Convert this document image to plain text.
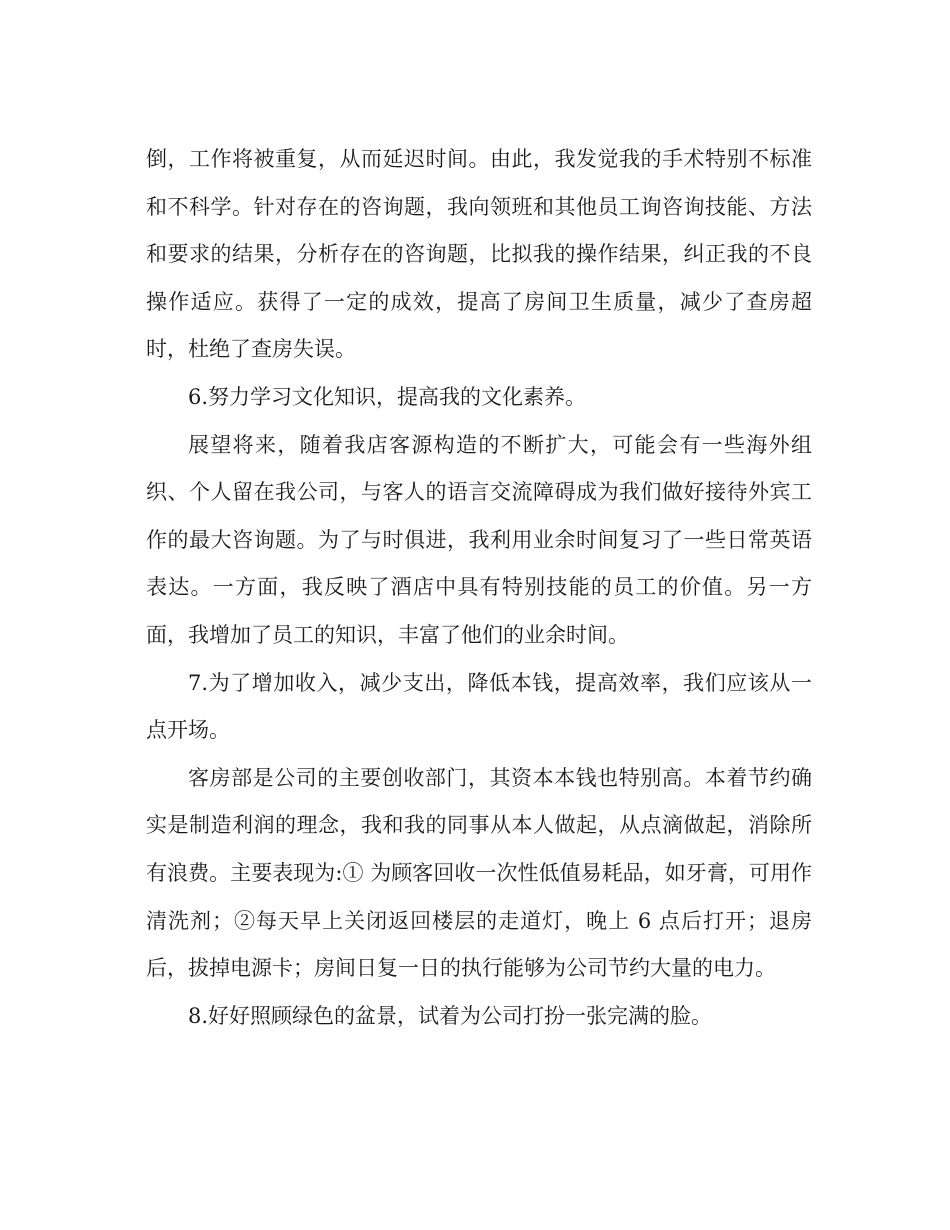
倒，工作将被重复，从而延迟时间。由此，我发觉我的手术特别不标准和不科学。针对存在的咨询题，我向领班和其他员工询咨询技能、方法和要求的结果，分析存在的咨询题，比拟我的操作结果，纠正我的不良操作适应。获得了一定的成效，提高了房间卫生质量，减少了查房超时，杜绝了查房失误。

6.努力学习文化知识，提高我的文化素养。

展望将来，随着我店客源构造的不断扩大，可能会有一些海外组织、个人留在我公司，与客人的语言交流障碍成为我们做好接待外宾工作的最大咨询题。为了与时俱进，我利用业余时间复习了一些日常英语表达。一方面，我反映了酒店中具有特别技能的员工的价值。另一方面，我增加了员工的知识，丰富了他们的业余时间。

7.为了增加收入，减少支出，降低本钱，提高效率，我们应该从一点开场。

客房部是公司的主要创收部门，其资本本钱也特别高。本着节约确实是制造利润的理念，我和我的同事从本人做起，从点滴做起，消除所有浪费。主要表现为:① 为顾客回收一次性低值易耗品，如牙膏，可用作清洗剂；②每天早上关闭返回楼层的走道灯，晚上 6 点后打开；退房后，拔掉电源卡；房间日复一日的执行能够为公司节约大量的电力。

8.好好照顾绿色的盆景，试着为公司打扮一张完满的脸。
